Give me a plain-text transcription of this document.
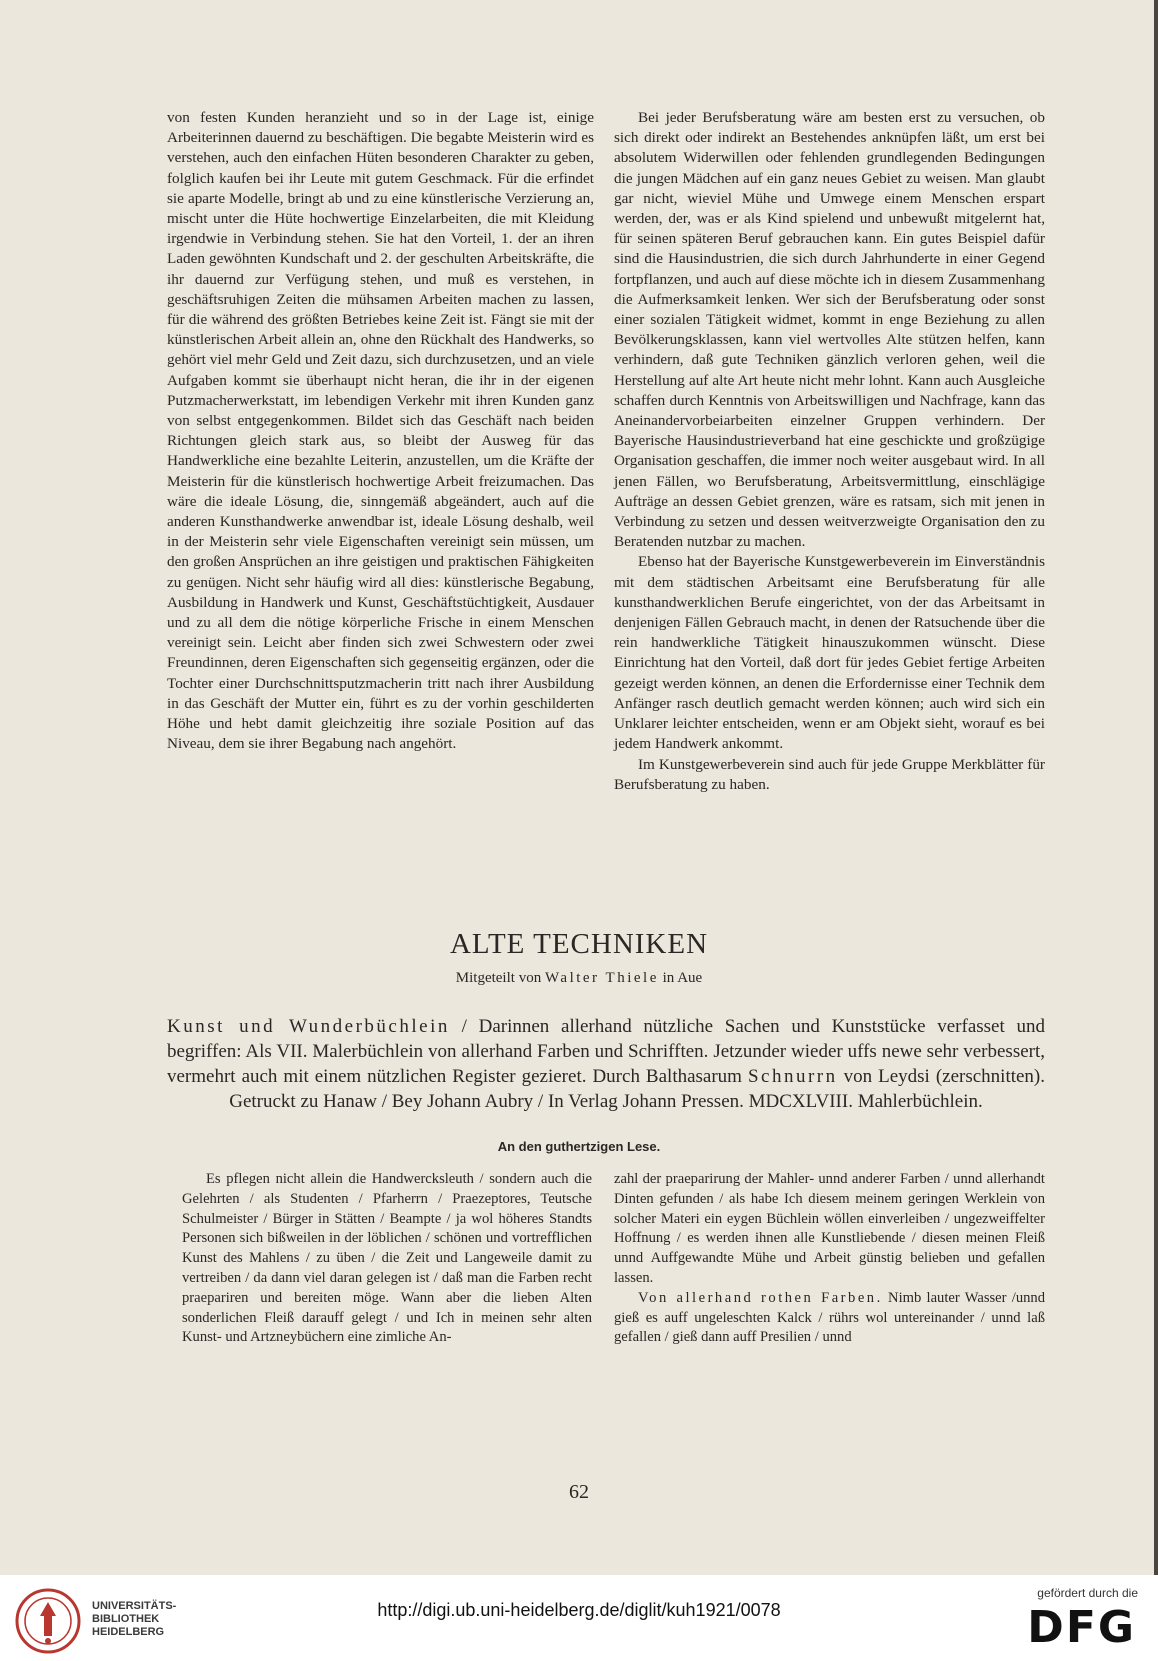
von festen Kunden heranzieht und so in der Lage ist, einige Arbeiterinnen dauernd zu beschäftigen. Die begabte Meisterin wird es verstehen, auch den einfachen Hüten besonderen Charakter zu geben, folglich kaufen bei ihr Leute mit gutem Geschmack. Für die erfindet sie aparte Modelle, bringt ab und zu eine künstlerische Verzierung an, mischt unter die Hüte hochwertige Einzelarbeiten, die mit Kleidung irgendwie in Verbindung stehen. Sie hat den Vorteil, 1. der an ihren Laden gewöhnten Kundschaft und 2. der geschulten Arbeitskräfte, die ihr dauernd zur Verfügung stehen, und muß es verstehen, in geschäftsruhigen Zeiten die mühsamen Arbeiten machen zu lassen, für die während des größten Betriebes keine Zeit ist. Fängt sie mit der künstlerischen Arbeit allein an, ohne den Rückhalt des Handwerks, so gehört viel mehr Geld und Zeit dazu, sich durchzusetzen, und an viele Aufgaben kommt sie überhaupt nicht heran, die ihr in der eigenen Putzmacherwerkstatt, im lebendigen Verkehr mit ihren Kunden ganz von selbst entgegenkommen. Bildet sich das Geschäft nach beiden Richtungen gleich stark aus, so bleibt der Ausweg für das Handwerkliche eine bezahlte Leiterin, anzustellen, um die Kräfte der Meisterin für die künstlerisch hochwertige Arbeit freizumachen. Das wäre die ideale Lösung, die, sinngemäß abgeändert, auch auf die anderen Kunsthandwerke anwendbar ist, ideale Lösung deshalb, weil in der Meisterin sehr viele Eigenschaften vereinigt sein müssen, um den großen Ansprüchen an ihre geistigen und praktischen Fähigkeiten zu genügen. Nicht sehr häufig wird all dies: künstlerische Begabung, Ausbildung in Handwerk und Kunst, Geschäftstüchtigkeit, Ausdauer und zu all dem die nötige körperliche Frische in einem Menschen vereinigt sein. Leicht aber finden sich zwei Schwestern oder zwei Freundinnen, deren Eigenschaften sich gegenseitig ergänzen, oder die Tochter einer Durchschnittsputzmacherin tritt nach ihrer Ausbildung in das Geschäft der Mutter ein, führt es zu der vorhin geschilderten Höhe und hebt damit gleichzeitig ihre soziale Position auf das Niveau, dem sie ihrer Begabung nach angehört.

Bei jeder Berufsberatung wäre am besten erst zu versuchen, ob sich direkt oder indirekt an Bestehendes anknüpfen läßt, um erst bei absolutem Widerwillen oder fehlenden grundlegenden Bedingungen die jungen Mädchen auf ein ganz neues Gebiet zu weisen. Man glaubt gar nicht, wieviel Mühe und Umwege einem Menschen erspart werden, der, was er als Kind spielend und unbewußt mitgelernt hat, für seinen späteren Beruf gebrauchen kann. Ein gutes Beispiel dafür sind die Hausindustrien, die sich durch Jahrhunderte in einer Gegend fortpflanzen, und auch auf diese möchte ich in diesem Zusammenhang die Aufmerksamkeit lenken. Wer sich der Berufsberatung oder sonst einer sozialen Tätigkeit widmet, kommt in enge Beziehung zu allen Bevölkerungsklassen, kann viel wertvolles Alte stützen helfen, kann verhindern, daß gute Techniken gänzlich verloren gehen, weil die Herstellung auf alte Art heute nicht mehr lohnt. Kann auch Ausgleiche schaffen durch Kenntnis von Arbeitswilligen und Nachfrage, kann das Aneinandervorbeiarbeiten einzelner Gruppen verhindern. Der Bayerische Hausindustrieverband hat eine geschickte und großzügige Organisation geschaffen, die immer noch weiter ausgebaut wird. In all jenen Fällen, wo Berufsberatung, Arbeitsvermittlung, einschlägige Aufträge an dessen Gebiet grenzen, wäre es ratsam, sich mit jenen in Verbindung zu setzen und dessen weitverzweigte Organisation den zu Beratenden nutzbar zu machen.

Ebenso hat der Bayerische Kunstgewerbeverein im Einverständnis mit dem städtischen Arbeitsamt eine Berufsberatung für alle kunsthandwerklichen Berufe eingerichtet, von der das Arbeitsamt in denjenigen Fällen Gebrauch macht, in denen der Ratsuchende über die rein handwerkliche Tätigkeit hinauszukommen wünscht. Diese Einrichtung hat den Vorteil, daß dort für jedes Gebiet fertige Arbeiten gezeigt werden können, an denen die Erfordernisse einer Technik dem Anfänger rasch deutlich gemacht werden können; auch wird sich ein Unklarer leichter entscheiden, wenn er am Objekt sieht, worauf es bei jedem Handwerk ankommt.

Im Kunstgewerbeverein sind auch für jede Gruppe Merkblätter für Berufsberatung zu haben.

ALTE TECHNIKEN
Mitgeteilt von Walter Thiele in Aue
Kunst und Wunderbüchlein / Darinnen allerhand nützliche Sachen und Kunststücke verfasset und begriffen: Als VII. Malerbüchlein von allerhand Farben und Schrifften. Jetzunder wieder uffs newe sehr verbessert, vermehrt auch mit einem nützlichen Register gezieret. Durch Balthasarum Schnurrn von Leydsi (zerschnitten). Getruckt zu Hanaw / Bey Johann Aubry / In Verlag Johann Pressen. MDCXLVIII. Mahlerbüchlein.
An den guthertzigen Lese.

Es pflegen nicht allein die Handwercksleuth / sondern auch die Gelehrten / als Studenten / Pfarherrn / Praezeptores, Teutsche Schulmeister / Bürger in Stätten / Beampte / ja wol höheres Standts Personen sich bißweilen in der löblichen / schönen und vortrefflichen Kunst des Mahlens / zu üben / die Zeit und Langeweile damit zu vertreiben / da dann viel daran gelegen ist / daß man die Farben recht praepariren und bereiten möge. Wann aber die lieben Alten sonderlichen Fleiß darauff gelegt / und Ich in meinen sehr alten Kunst- und Artzneybüchern eine zimliche An-

zahl der praeparirung der Mahler- unnd anderer Farben / unnd allerhandt Dinten gefunden / als habe Ich diesem meinem geringen Werklein von solcher Materi ein eygen Büchlein wöllen einverleiben / ungezweiffelter Hoffnung / es werden ihnen alle Kunstliebende / diesen meinen Fleiß unnd Auffgewandte Mühe und Arbeit günstig belieben und gefallen lassen.

Von allerhand rothen Farben. Nimb lauter Wasser /unnd gieß es auff ungeleschten Kalck / rührs wol untereinander / unnd laß gefallen / gieß dann auff Presilien / unnd

62
UNIVERSITÄTS-
BIBLIOTHEK
HEIDELBERG
http://digi.ub.uni-heidelberg.de/diglit/kuh1921/0078
gefördert durch die
DFG
